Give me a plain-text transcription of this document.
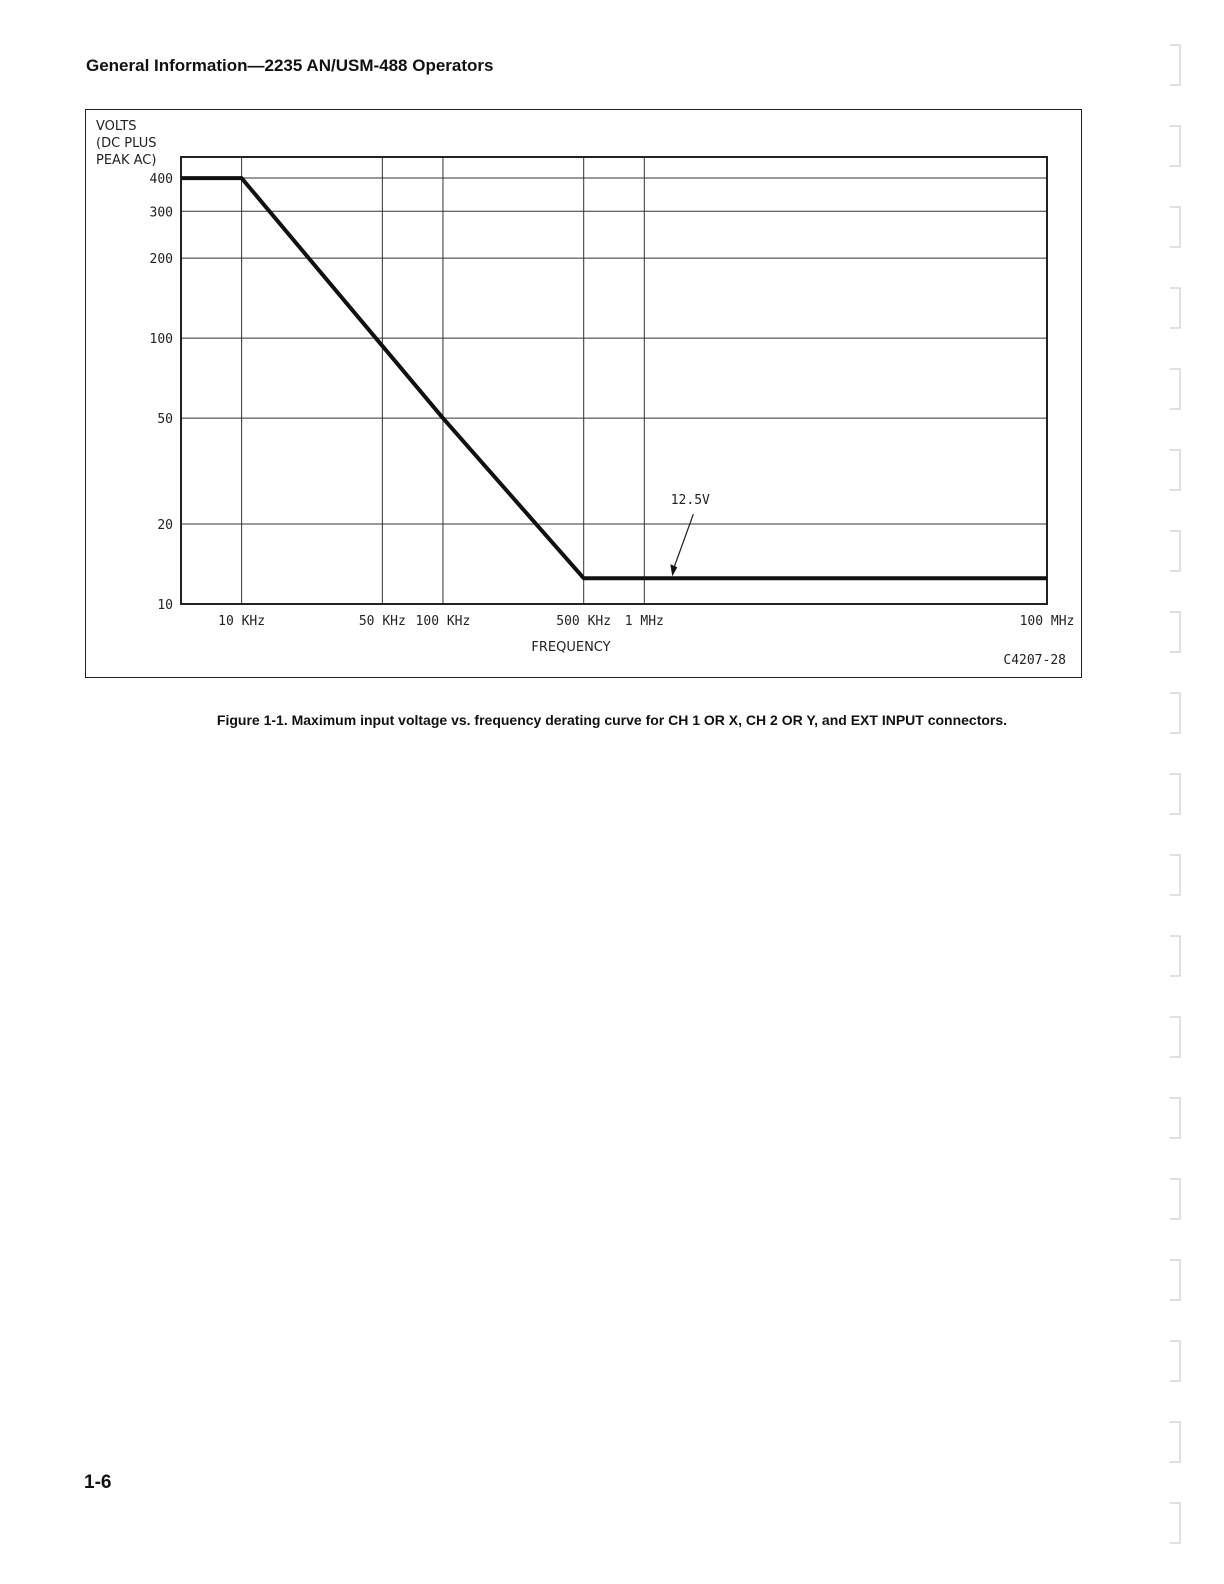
General Information—2235 AN/USM-488 Operators
VOLTS
(DC PLUS
PEAK AC)
400
300
200
100
50
20
10
10 KHz	50 KHz 100 KHz	500 KHz 1 MHz	100 MHz
12.5V
FREQUENCY
C4207-28
Figure 1-1. Maximum input voltage vs. frequency derating curve for CH 1 OR X, CH 2 OR Y, and EXT INPUT connectors.
1-6
